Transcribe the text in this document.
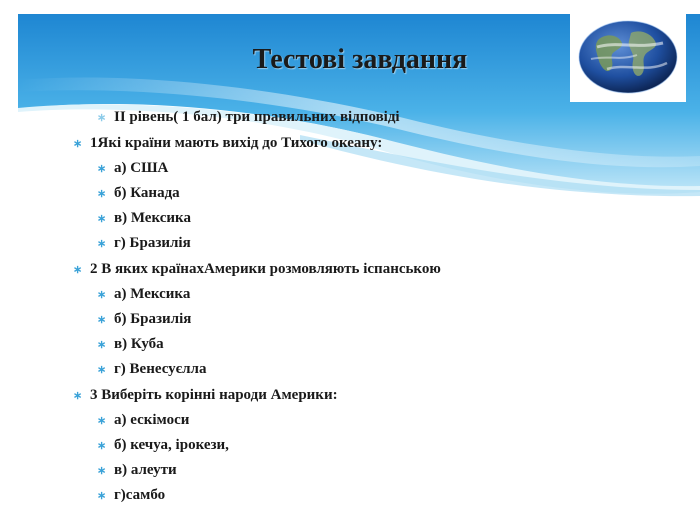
Тестові завдання
∗ ІІ рівень( 1 бал) три правильних відповіді
∗ 1Які країни мають вихід до Тихого океану:
∗ а) США
∗ б) Канада
∗ в) Мексика
∗ г) Бразилія
∗ 2 В яких країнахАмерики розмовляють іспанською
∗ а) Мексика
∗ б) Бразилія
∗ в) Куба
∗ г) Венесуєлла
∗ 3 Виберіть корінні народи Америки:
∗ а) ескімоси
∗ б) кечуа, ірокези,
∗ в) алеути
∗ г)самбо
